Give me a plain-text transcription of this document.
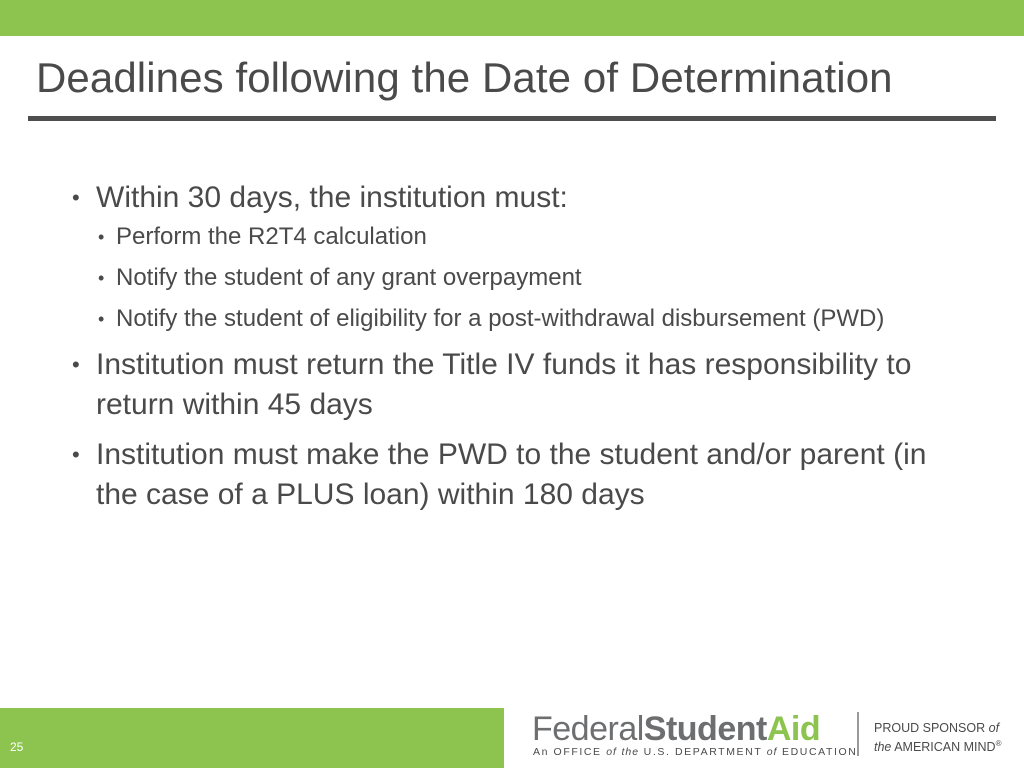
Deadlines following the Date of Determination
• Within 30 days, the institution must:
• Perform the R2T4 calculation
• Notify the student of any grant overpayment
• Notify the student of eligibility for a post-withdrawal disbursement (PWD)
• Institution must return the Title IV funds it has responsibility to return within 45 days
• Institution must make the PWD to the student and/or parent (in the case of a PLUS loan) within 180 days
25	FederalStudentAid
An OFFICE of the U.S. DEPARTMENT of EDUCATION
PROUD SPONSOR of
the AMERICAN MIND®
